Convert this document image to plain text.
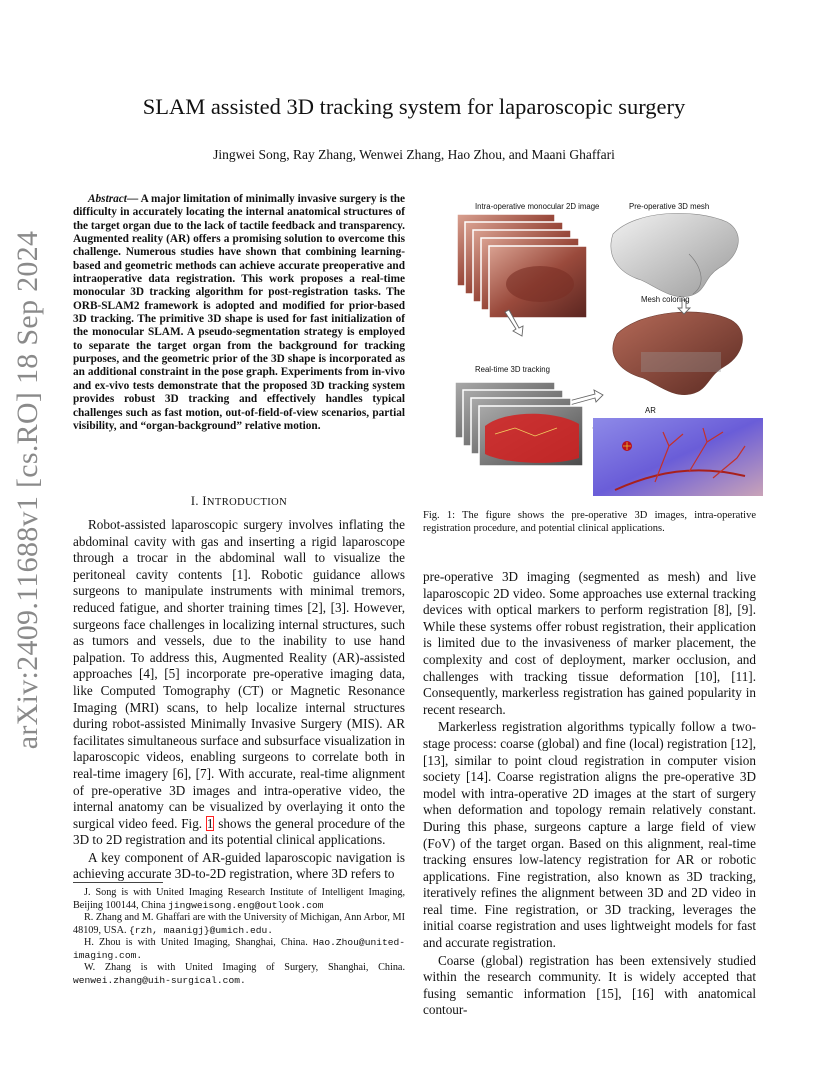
arXiv:2409.11688v1 [cs.RO] 18 Sep 2024
SLAM assisted 3D tracking system for laparoscopic surgery
Jingwei Song, Ray Zhang, Wenwei Zhang, Hao Zhou, and Maani Ghaffari
Abstract— A major limitation of minimally invasive surgery is the difficulty in accurately locating the internal anatomical structures of the target organ due to the lack of tactile feedback and transparency. Augmented reality (AR) offers a promising solution to overcome this challenge. Numerous studies have shown that combining learning-based and geometric methods can achieve accurate preoperative and intraoperative data registration. This work proposes a real-time monocular 3D tracking algorithm for post-registration tasks. The ORB-SLAM2 framework is adopted and modified for prior-based 3D tracking. The primitive 3D shape is used for fast initialization of the monocular SLAM. A pseudo-segmentation strategy is employed to separate the target organ from the background for tracking purposes, and the geometric prior of the 3D shape is incorporated as an additional constraint in the pose graph. Experiments from in-vivo and ex-vivo tests demonstrate that the proposed 3D tracking system provides robust 3D tracking and effectively handles typical challenges such as fast motion, out-of-field-of-view scenarios, partial visibility, and “organ-background” relative motion.
I. INTRODUCTION

Robot-assisted laparoscopic surgery involves inflating the abdominal cavity with gas and inserting a rigid laparoscope through a trocar in the abdominal wall to visualize the peritoneal cavity contents [1]. Robotic guidance allows surgeons to manipulate instruments with minimal tremors, reduced fatigue, and shorter training times [2], [3]. However, surgeons face challenges in localizing internal structures, such as tumors and vessels, due to the inability to use hand palpation. To address this, Augmented Reality (AR)-assisted approaches [4], [5] incorporate pre-operative imaging data, like Computed Tomography (CT) or Magnetic Resonance Imaging (MRI) scans, to help localize internal structures during robot-assisted Minimally Invasive Surgery (MIS). AR facilitates simultaneous surface and subsurface visualization in laparoscopic videos, enabling surgeons to correlate both in real-time imagery [6], [7]. With accurate, real-time alignment of pre-operative 3D images and intra-operative video, the internal anatomy can be visualized by overlaying it onto the surgical video feed. Fig. 1 shows the general procedure of the 3D to 2D registration and its potential clinical applications.

A key component of AR-guided laparoscopic navigation is achieving accurate 3D-to-2D registration, where 3D refers to

J. Song is with United Imaging Research Institute of Intelligent Imaging, Beijing 100144, China jingweisong.eng@outlook.com

R. Zhang and M. Ghaffari are with the University of Michigan, Ann Arbor, MI 48109, USA. {rzh, maanigj}@umich.edu.

H. Zhou is with United Imaging, Shanghai, China. Hao.Zhou@united-imaging.com.

W. Zhang is with United Imaging of Surgery, Shanghai, China. wenwei.zhang@uih-surgical.com.

Intra-operative monocular 2D image	Pre-operative 3D mesh
Mesh coloring
Real-time 3D tracking
AR
Fig. 1: The figure shows the pre-operative 3D images, intra-operative registration procedure, and potential clinical applications.

pre-operative 3D imaging (segmented as mesh) and live laparoscopic 2D video. Some approaches use external tracking devices with optical markers to perform registration [8], [9]. While these systems offer robust registration, their application is limited due to the invasiveness of marker placement, the complexity and cost of deployment, marker occlusion, and challenges with tracking tissue deformation [10], [11]. Consequently, markerless registration has gained popularity in recent research.

Markerless registration algorithms typically follow a two-stage process: coarse (global) and fine (local) registration [12], [13], similar to point cloud registration in computer vision society [14]. Coarse registration aligns the pre-operative 3D model with intra-operative 2D images at the start of surgery when deformation and topology remain relatively constant. During this phase, surgeons capture a large field of view (FoV) of the target organ. Based on this alignment, real-time tracking ensures low-latency registration for AR or robotic applications. Fine registration, also known as 3D tracking, iteratively refines the alignment between 3D and 2D video in real time. Fine registration, or 3D tracking, leverages the initial coarse registration and uses lightweight models for fast and accurate registration.

Coarse (global) registration has been extensively studied within the research community. It is widely accepted that fusing semantic information [15], [16] with anatomical contour-
